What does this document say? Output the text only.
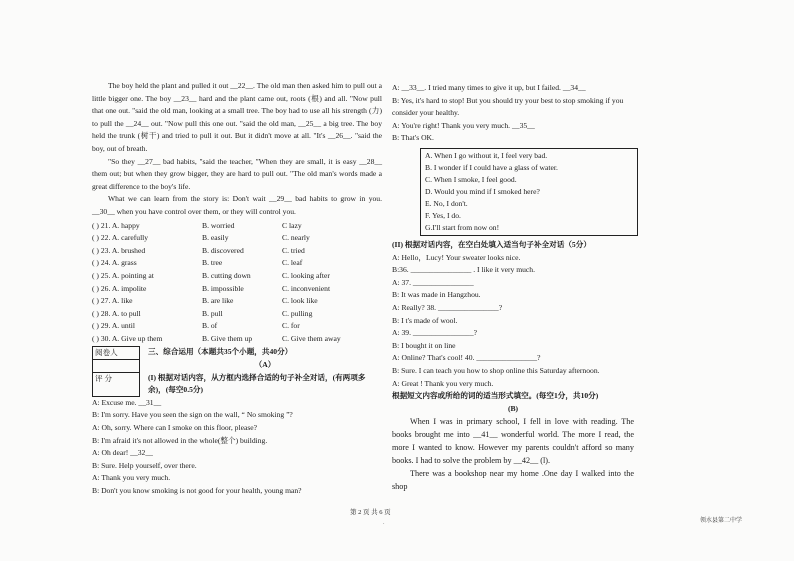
The boy held the plant and pulled it out __22__. The old man then asked him to pull out a little bigger one. The boy __23__ hard and the plant came out, roots (根) and all. "Now pull that one out. "said the old man, looking at a small tree. The boy had to use all his strength (力) to pull the __24__ out. "Now pull this one out. "said the old man, __25__ a big tree. The boy held the trunk (树干) and tried to pull it out. But it didn't move at all. "It's __26__. "said the boy, out of breath.

"So they __27__ bad habits, "said the teacher, "When they are small, it is easy __28__ them out; but when they grow bigger, they are hard to pull out. "The old man's words made a great difference to the boy's life.

What we can learn from the story is: Don't wait __29__ bad habits to grow in you. __30__ when you have control over them, or they will control you.

( ) 21. A. happy	B. worried	C lazy
( ) 22. A. carefully	B. easily	C. nearly
( ) 23. A. brushed	B. discovered	C. tried
( ) 24. A. grass	B. tree	C. leaf
( ) 25. A. pointing at	B. cutting down	C. looking after
( ) 26. A. impolite	B. impossible	C. inconvenient
( ) 27. A. like	B. are like	C. look like
( ) 28. A. to pull	B. pull	C. pulling
( ) 29. A. until	B. of	C. for
( ) 30. A. Give up them	B. Give them up	C. Give them away
阅卷人
评 分

三、综合运用（本题共35个小题，共40分）

（A）

(I) 根据对话内容，从方框内选择合适的句子补全对话，(有两项多余)，(每空0.5分)

A: Excuse me. __31__

B: I'm sorry. Have you seen the sign on the wall, “ No smoking ”?

A: Oh, sorry. Where can I smoke on this floor, please?

B: I'm afraid it's not allowed in the whole(整个) building.

A: Oh dear! __32__

B: Sure. Help yourself, over there.

A: Thank you very much.

B: Don't you know smoking is not good for your health, young man?

A: __33__. I tried many times to give it up, but I failed. __34__

B: Yes, it's hard to stop! But you should try your best to stop smoking if you consider your healthy.

A: You're right! Thank you very much. __35__

B: That's OK.

A. When I go without it, I feel very bad.

B. I wonder if I could have a glass of water.

C. When I smoke, I feel good.

D. Would you mind if I smoked here?

E. No, I don't.

F. Yes, I do.

G.I'll start from now on!

(II) 根据对话内容，在空白处填入适当句子补全对话（5分）

A: Hello，Lucy! Your sweater looks nice.

B:36. ________________ . I like it very much.

A: 37. ________________

B: It was made in Hangzhou.

A: Really? 38. ________________?

B: I t's made of wool.

A: 39. ________________?

B: I bought it on line

A: Online? That's cool! 40. ________________?

B: Sure. I can teach you how to shop online this Saturday afternoon.

A: Great ! Thank you very much.

根据短文内容或所给的词的适当形式填空。(每空1分，共10分)

(B)

When I was in primary school, I fell in love with reading. The books brought me into __41__ wonderful world. The more I read, the more I wanted to know. However my parents couldn't afford so many books. I had to solve the problem by __42__ (l).

There was a bookshop near my home .One day I walked into the shop

第 2 页 共 6 页
.	领水县第二中学
